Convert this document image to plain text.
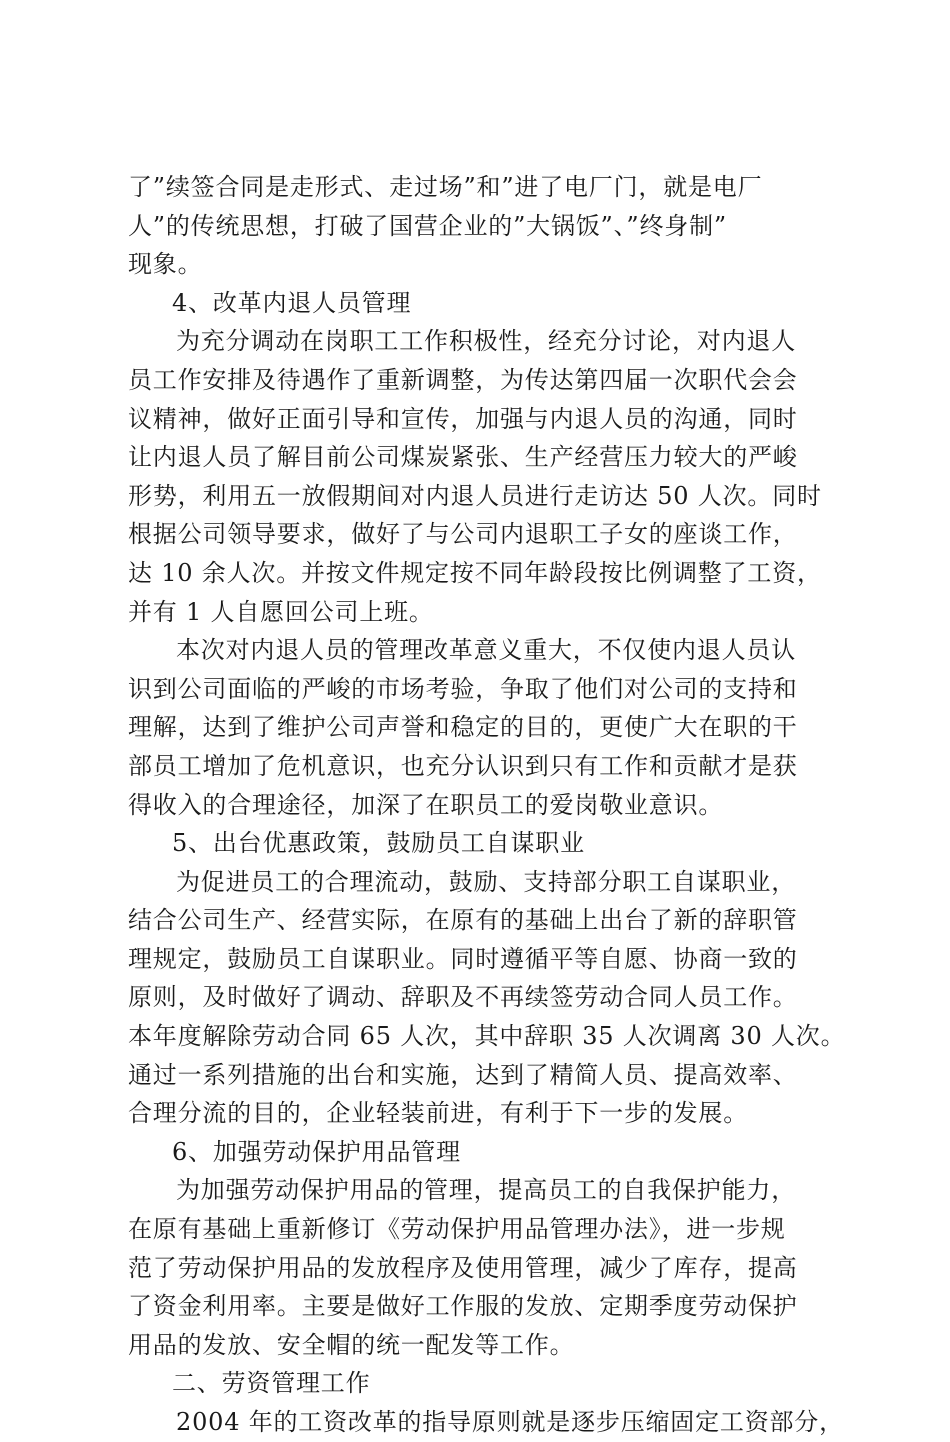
了”续签合同是走形式、走过场”和”进了电厂门，就是电厂
人”的传统思想，打破了国营企业的”大锅饭”、”终身制”
现象。
4、改革内退人员管理
为充分调动在岗职工工作积极性，经充分讨论，对内退人
员工作安排及待遇作了重新调整，为传达第四届一次职代会会
议精神，做好正面引导和宣传，加强与内退人员的沟通，同时
让内退人员了解目前公司煤炭紧张、生产经营压力较大的严峻
形势，利用五一放假期间对内退人员进行走访达 50 人次。同时
根据公司领导要求，做好了与公司内退职工子女的座谈工作，
达 10 余人次。并按文件规定按不同年龄段按比例调整了工资，
并有 1 人自愿回公司上班。
本次对内退人员的管理改革意义重大，不仅使内退人员认
识到公司面临的严峻的市场考验，争取了他们对公司的支持和
理解，达到了维护公司声誉和稳定的目的，更使广大在职的干
部员工增加了危机意识，也充分认识到只有工作和贡献才是获
得收入的合理途径，加深了在职员工的爱岗敬业意识。
5、出台优惠政策，鼓励员工自谋职业
为促进员工的合理流动，鼓励、支持部分职工自谋职业，
结合公司生产、经营实际，在原有的基础上出台了新的辞职管
理规定，鼓励员工自谋职业。同时遵循平等自愿、协商一致的
原则，及时做好了调动、辞职及不再续签劳动合同人员工作。
本年度解除劳动合同 65 人次，其中辞职 35 人次调离 30 人次。
通过一系列措施的出台和实施，达到了精简人员、提高效率、
合理分流的目的，企业轻装前进，有利于下一步的发展。
6、加强劳动保护用品管理
为加强劳动保护用品的管理，提高员工的自我保护能力，
在原有基础上重新修订《劳动保护用品管理办法》，进一步规
范了劳动保护用品的发放程序及使用管理，减少了库存，提高
了资金利用率。主要是做好工作服的发放、定期季度劳动保护
用品的发放、安全帽的统一配发等工作。
二、劳资管理工作
2004 年的工资改革的指导原则就是逐步压缩固定工资部分，
